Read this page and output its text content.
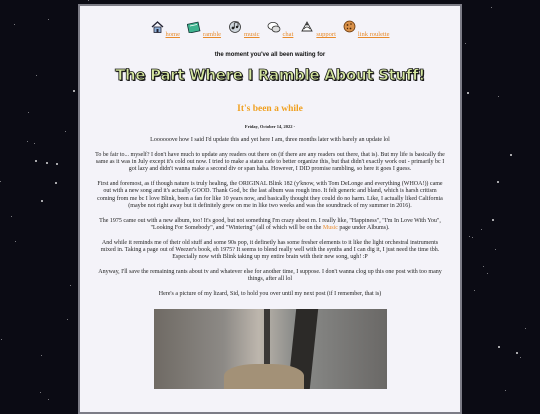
home	ramble	music	chat	support	link roulette
the moment you've all been waiting for
The Part Where I Ramble About Stuff!
It's been a while
Friday, October 14, 2022 -
Loooooove how I said I'd update this and yet here I am, three months later with barely an update lol
To be fair to... myself? I don't have much to update any readers out there on (if there are any readers out there, that is). But my life is basically the same as it was in July except it's cold out now. I tried to make a status cafe to better organize this, but that didn't exactly work out - primarily bc I got lazy and didn't wanna make a second div or span haha. However, I DID promise rambling, so here it goes I guess.
First and foremost, as if though nature is truly healing, the ORIGINAL Blink 182 (y'know, with Tom DeLonge and everything (WHOA!)) came out with a new song and it's actually GOOD. Thank God, bc the last album was rough imo. It felt generic and bland, which is harsh critism coming from me bc I love Blink, been a fan for like 10 years now, and basically thought they could do no harm. Like, I actually liked California (maybe not right away but it definitely grew on me in like two weeks and was the soundtrack of my summer in 2016).
The 1975 came out with a new album, too! It's good, but not something I'm crazy about rn. I really like, "Happiness", "I'm In Love With You", "Looking For Somebody", and "Wintering" (all of which will be on the Music page under Albums).
And while it reminds me of their old stuff and some 90s pop, it definetly has some fresher elements to it like the light orchestral instruments mixed in. Taking a page out of Weezer's book, eh 1975? It seems to blend really well with the synths and I can dig it, I just need the time tbh. Especially now with Blink taking up my entire brain with their new song, ugh! :P
Anyway, I'll save the remaining rants about tv and whatever else for another time, I suppose. I don't wanna clog up this one post with too many things, after all lol
Here's a picture of my lizard, Sid, to hold you over until my next post (if I remember, that is)
